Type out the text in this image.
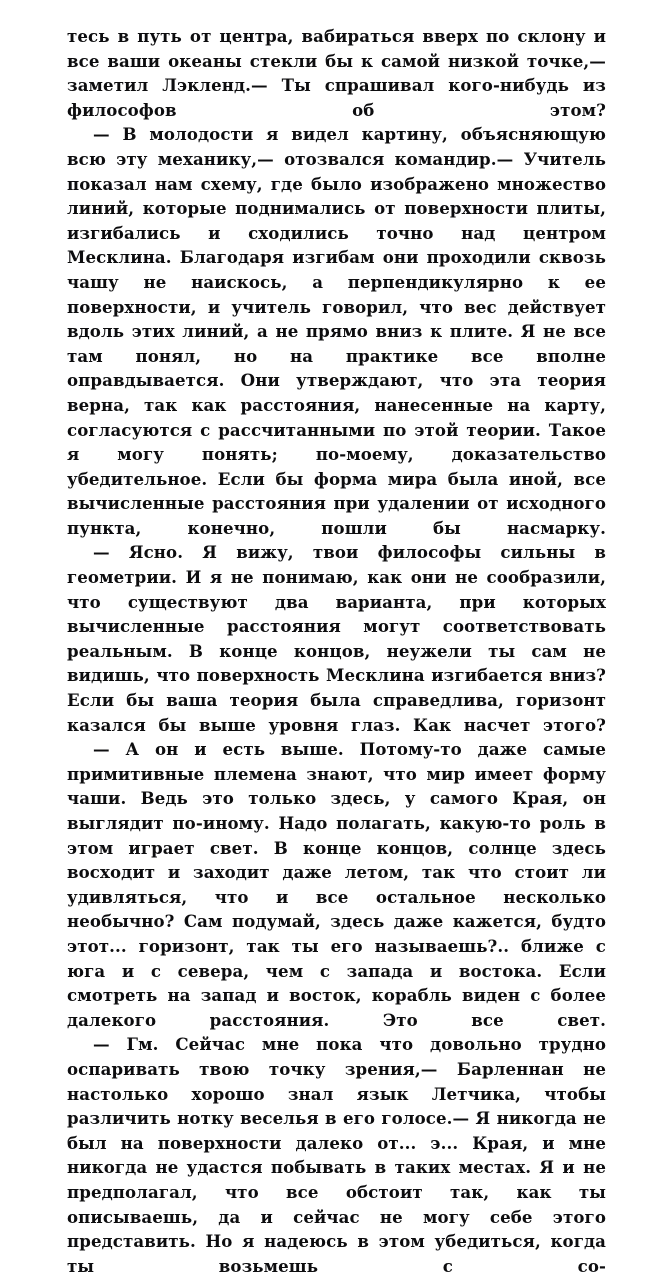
тесь в путь от центра, вабираться вверх по склону и все ваши океаны стекли бы к самой низкой точке,— заметил Лэкленд.— Ты спрашивал кого-нибудь из философов об этом?

— В молодости я видел картину, объясняющую всю эту механику,— отозвался командир.— Учитель показал нам схему, где было изображено множество линий, которые поднимались от поверхности плиты, изгибались и сходились точно над центром Месклина. Благодаря изгибам они проходили сквозь чашу не наискось, а перпендикулярно к ее поверхности, и учитель говорил, что вес действует вдоль этих линий, а не прямо вниз к плите. Я не все там понял, но на практике все вполне оправдывается. Они утверждают, что эта теория верна, так как расстояния, нанесенные на карту, согласуются с рассчитанными по этой теории. Такое я могу понять; по-моему, доказательство убедительное. Если бы форма мира была иной, все вычисленные расстояния при удалении от исходного пункта, конечно, пошли бы насмарку.

— Ясно. Я вижу, твои философы сильны в геометрии. И я не понимаю, как они не сообразили, что существуют два варианта, при которых вычисленные расстояния могут соответствовать реальным. В конце концов, неужели ты сам не видишь, что поверхность Месклина изгибается вниз? Если бы ваша теория была справедлива, горизонт казался бы выше уровня глаз. Как насчет этого?

— А он и есть выше. Потому-то даже самые примитивные племена знают, что мир имеет форму чаши. Ведь это только здесь, у самого Края, он выглядит по-иному. Надо полагать, какую-то роль в этом играет свет. В конце концов, солнце здесь восходит и заходит даже летом, так что стоит ли удивляться, что и все остальное несколько необычно? Сам подумай, здесь даже кажется, будто этот... горизонт, так ты его называешь?.. ближе с юга и с севера, чем с запада и востока. Если смотреть на запад и восток, корабль виден с более далекого расстояния. Это все свет.

— Гм. Сейчас мне пока что довольно трудно оспаривать твою точку зрения,— Барленнан не настолько хорошо знал язык Летчика, чтобы различить нотку веселья в его голосе.— Я никогда не был на поверхности далеко от... э... Края, и мне никогда не удастся побывать в таких местах. Я и не предполагал, что все обстоит так, как ты описываешь, да и сейчас не могу себе этого представить. Но я надеюсь в этом убедиться, когда ты возьмешь с со-
